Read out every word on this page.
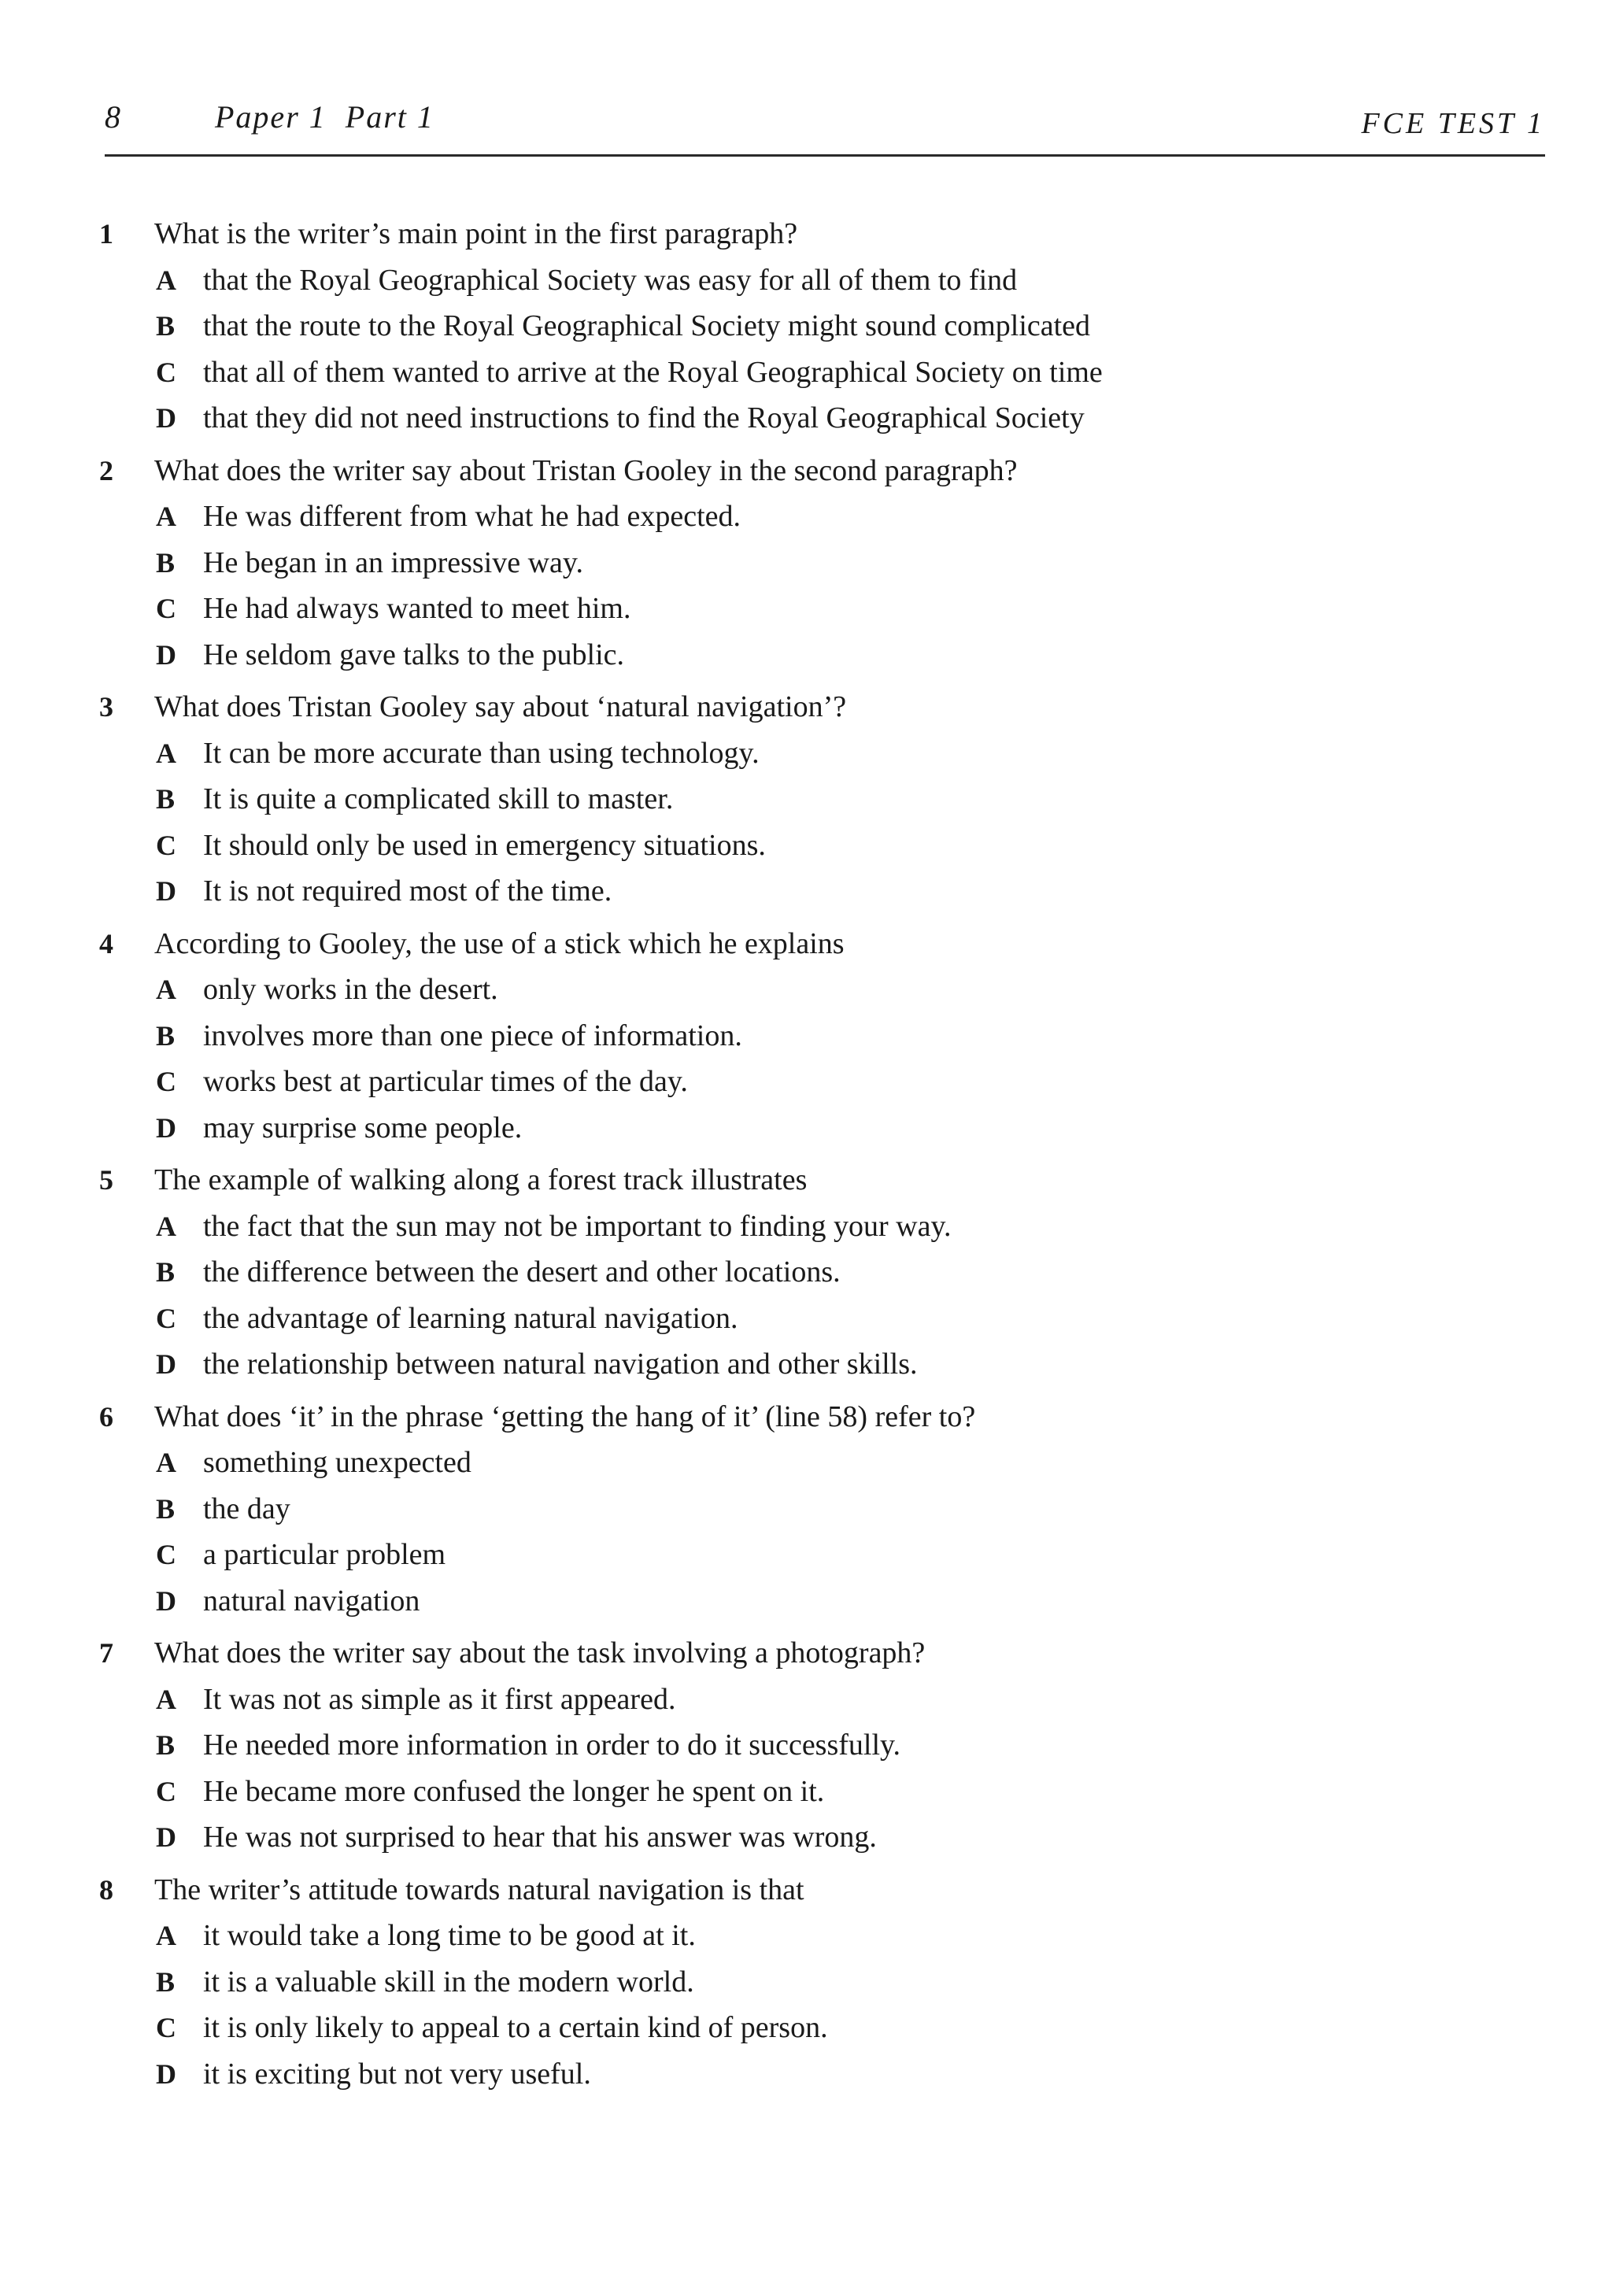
8	Paper 1  Part 1	FCE TEST 1
1	What is the writer’s main point in the first paragraph?
A that the Royal Geographical Society was easy for all of them to find
B that the route to the Royal Geographical Society might sound complicated
C that all of them wanted to arrive at the Royal Geographical Society on time
D that they did not need instructions to find the Royal Geographical Society
2	What does the writer say about Tristan Gooley in the second paragraph?
A He was different from what he had expected.
B He began in an impressive way.
C He had always wanted to meet him.
D He seldom gave talks to the public.
3	What does Tristan Gooley say about ‘natural navigation’?
A It can be more accurate than using technology.
B It is quite a complicated skill to master.
C It should only be used in emergency situations.
D It is not required most of the time.
4	According to Gooley, the use of a stick which he explains
A only works in the desert.
B involves more than one piece of information.
C works best at particular times of the day.
D may surprise some people.
5	The example of walking along a forest track illustrates
A the fact that the sun may not be important to finding your way.
B the difference between the desert and other locations.
C the advantage of learning natural navigation.
D the relationship between natural navigation and other skills.
6	What does ‘it’ in the phrase ‘getting the hang of it’ (line 58) refer to?
A something unexpected
B the day
C a particular problem
D natural navigation
7	What does the writer say about the task involving a photograph?
A It was not as simple as it first appeared.
B He needed more information in order to do it successfully.
C He became more confused the longer he spent on it.
D He was not surprised to hear that his answer was wrong.
8	The writer’s attitude towards natural navigation is that
A it would take a long time to be good at it.
B it is a valuable skill in the modern world.
C it is only likely to appeal to a certain kind of person.
D it is exciting but not very useful.
